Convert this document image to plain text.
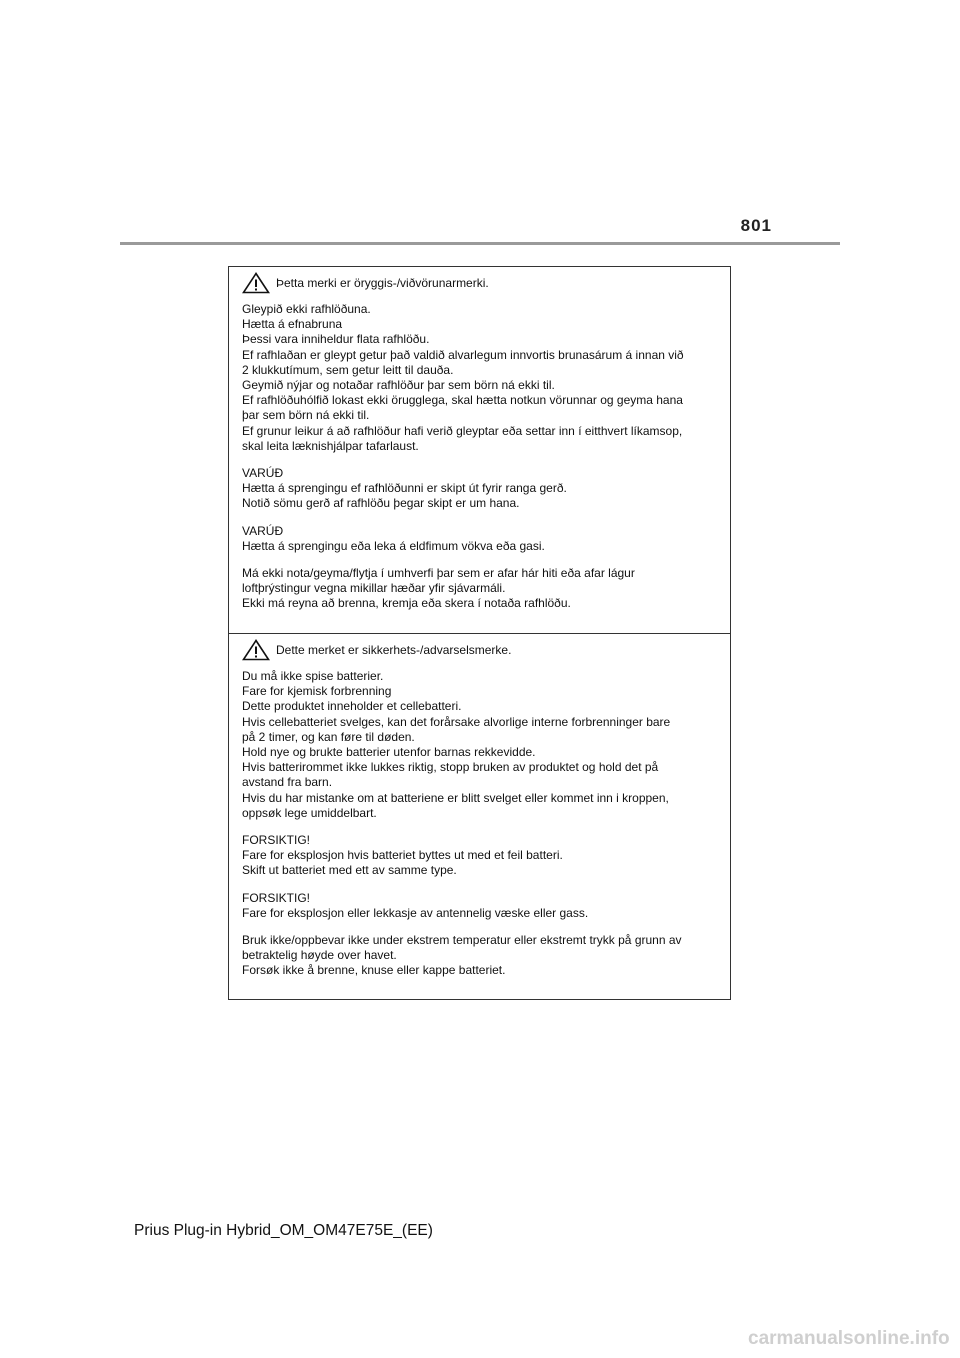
801
Þetta merki er öryggis-/viðvörunarmerki.
Gleypið ekki rafhlöðuna.
Hætta á efnabruna
Þessi vara inniheldur flata rafhlöðu.
Ef rafhlaðan er gleypt getur það valdið alvarlegum innvortis brunasárum á innan við
2 klukkutímum, sem getur leitt til dauða.
Geymið nýjar og notaðar rafhlöður þar sem börn ná ekki til.
Ef rafhlöðuhólfið lokast ekki örugglega, skal hætta notkun vörunnar og geyma hana
þar sem börn ná ekki til.
Ef grunur leikur á að rafhlöður hafi verið gleyptar eða settar inn í eitthvert líkamsop,
skal leita læknishjálpar tafarlaust.
VARÚÐ
Hætta á sprengingu ef rafhlöðunni er skipt út fyrir ranga gerð.
Notið sömu gerð af rafhlöðu þegar skipt er um hana.
VARÚÐ
Hætta á sprengingu eða leka á eldfimum vökva eða gasi.
Má ekki nota/geyma/flytja í umhverfi þar sem er afar hár hiti eða afar lágur
loftþrýstingur vegna mikillar hæðar yfir sjávarmáli.
Ekki má reyna að brenna, kremja eða skera í notaða rafhlöðu.
Dette merket er sikkerhets-/advarselsmerke.
Du må ikke spise batterier.
Fare for kjemisk forbrenning
Dette produktet inneholder et cellebatteri.
Hvis cellebatteriet svelges, kan det forårsake alvorlige interne forbrenninger bare
på 2 timer, og kan føre til døden.
Hold nye og brukte batterier utenfor barnas rekkevidde.
Hvis batterirommet ikke lukkes riktig, stopp bruken av produktet og hold det på
avstand fra barn.
Hvis du har mistanke om at batteriene er blitt svelget eller kommet inn i kroppen,
oppsøk lege umiddelbart.
FORSIKTIG!
Fare for eksplosjon hvis batteriet byttes ut med et feil batteri.
Skift ut batteriet med ett av samme type.
FORSIKTIG!
Fare for eksplosjon eller lekkasje av antennelig væske eller gass.
Bruk ikke/oppbevar ikke under ekstrem temperatur eller ekstremt trykk på grunn av
betraktelig høyde over havet.
Forsøk ikke å brenne, knuse eller kappe batteriet.
Prius Plug-in Hybrid_OM_OM47E75E_(EE)
carmanualsonline.info
